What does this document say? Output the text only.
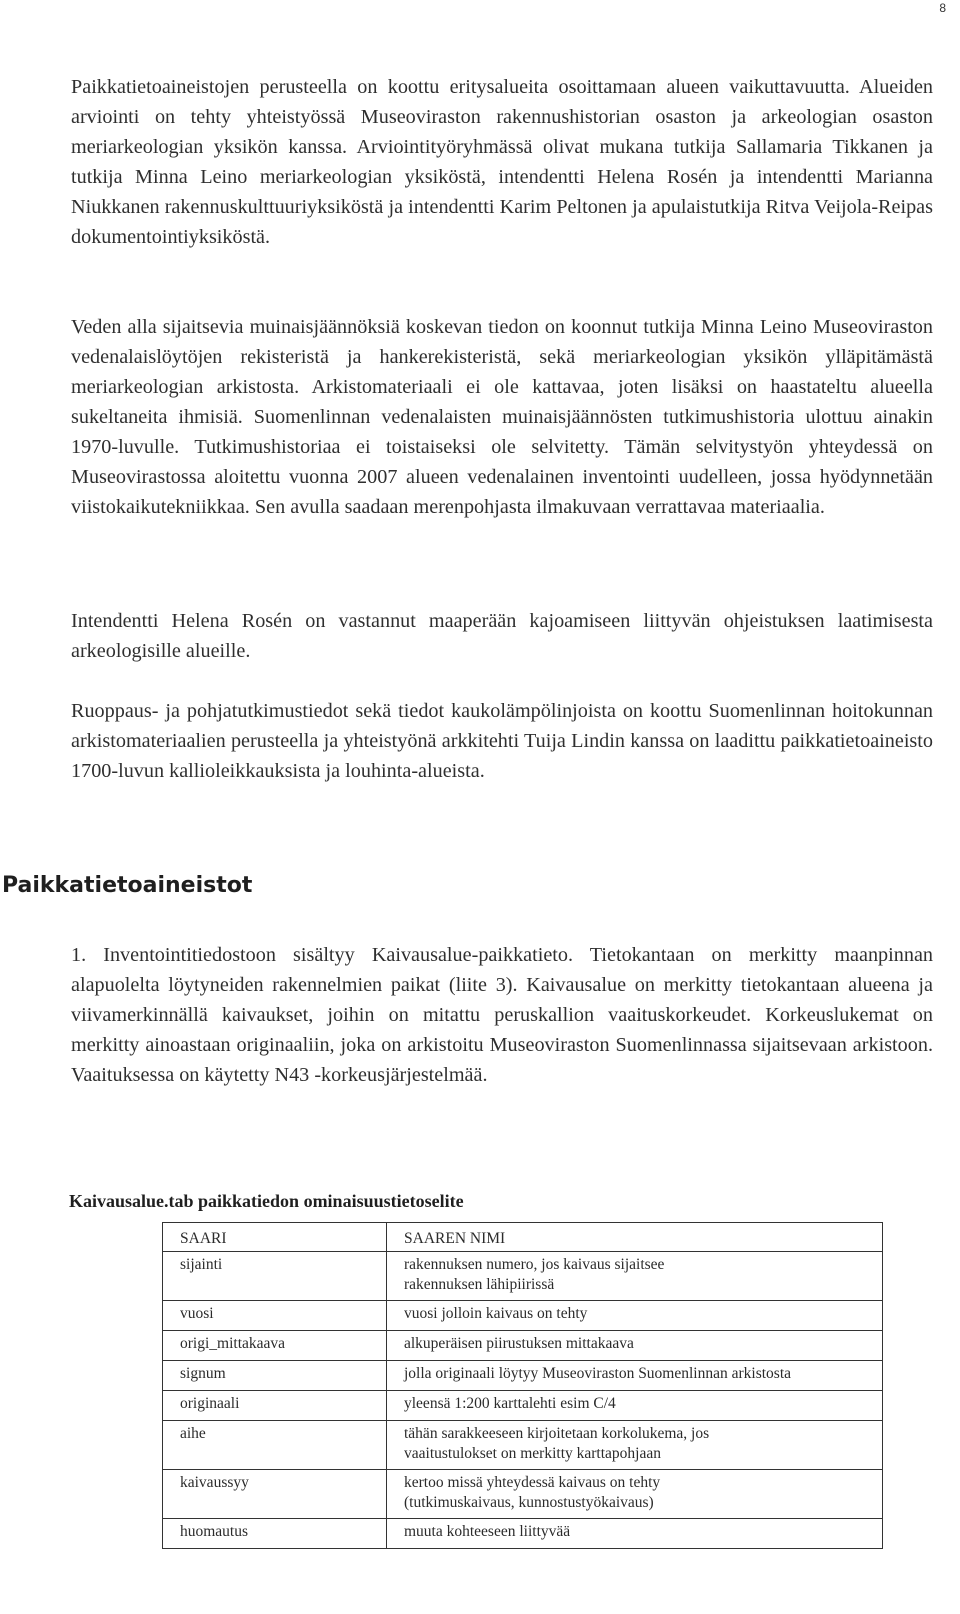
8

Paikkatietoaineistojen perusteella on koottu eritysalueita osoittamaan alueen vaikuttavuutta. Alueiden arviointi on tehty yhteistyössä Museoviraston rakennushistorian osaston ja arkeologian osaston meriarkeologian yksikön kanssa. Arviointityöryhmässä olivat mukana tutkija Sallamaria Tikkanen ja tutkija Minna Leino meriarkeologian yksiköstä, intendentti Helena Rosén ja intendentti Marianna Niukkanen rakennuskulttuuriyksiköstä ja intendentti Karim Peltonen ja apulaistutkija Ritva Veijola-Reipas dokumentointiyksiköstä.

Veden alla sijaitsevia muinaisjäännöksiä koskevan tiedon on koonnut tutkija Minna Leino Museoviraston vedenalaislöytöjen rekisteristä ja hankerekisteristä, sekä meriarkeologian yksikön ylläpitämästä meriarkeologian arkistosta. Arkistomateriaali ei ole kattavaa, joten lisäksi on haastateltu alueella sukeltaneita ihmisiä. Suomenlinnan vedenalaisten muinaisjäännösten tutkimushistoria ulottuu ainakin 1970-luvulle. Tutkimushistoriaa ei toistaiseksi ole selvitetty. Tämän selvitystyön yhteydessä on Museovirastossa aloitettu vuonna 2007 alueen vedenalainen inventointi uudelleen, jossa hyödynnetään viistokaikutekniikkaa. Sen avulla saadaan merenpohjasta ilmakuvaan verrattavaa materiaalia.

Intendentti Helena Rosén on vastannut maaperään kajoamiseen liittyvän ohjeistuksen laatimisesta arkeologisille alueille.

Ruoppaus- ja pohjatutkimustiedot sekä tiedot kaukolämpölinjoista on koottu Suomenlinnan hoitokunnan arkistomateriaalien perusteella ja yhteistyönä arkkitehti Tuija Lindin kanssa on laadittu paikkatietoaineisto 1700-luvun kallioleikkauksista ja louhinta-alueista.

Paikkatietoaineistot

1. Inventointitiedostoon sisältyy Kaivausalue-paikkatieto. Tietokantaan on merkitty maanpinnan alapuolelta löytyneiden rakennelmien paikat (liite 3). Kaivausalue on merkitty tietokantaan alueena ja viivamerkinnällä kaivaukset, joihin on mitattu peruskallion vaaituskorkeudet. Korkeuslukemat on merkitty ainoastaan originaaliin, joka on arkistoitu Museoviraston Suomenlinnassa sijaitsevaan arkistoon. Vaaituksessa on käytetty N43 -korkeusjärjestelmää.

Kaivausalue.tab paikkatiedon ominaisuustietoselite
SAARI	SAAREN NIMI
sijainti	rakennuksen numero, jos kaivaus sijaitsee
rakennuksen lähipiirissä

vuosi	vuosi jolloin kaivaus on tehty

origi_mittakaava	alkuperäisen piirustuksen mittakaava

signum	jolla originaali löytyy Museoviraston Suomenlinnan arkistosta

originaali	yleensä 1:200 karttalehti esim C/4

aihe	tähän sarakkeeseen kirjoitetaan korkolukema, jos
vaaitustulokset on merkitty karttapohjaan

kaivaussyy	kertoo missä yhteydessä kaivaus on tehty
(tutkimuskaivaus, kunnostustyökaivaus)

huomautus	muuta kohteeseen liittyvää
